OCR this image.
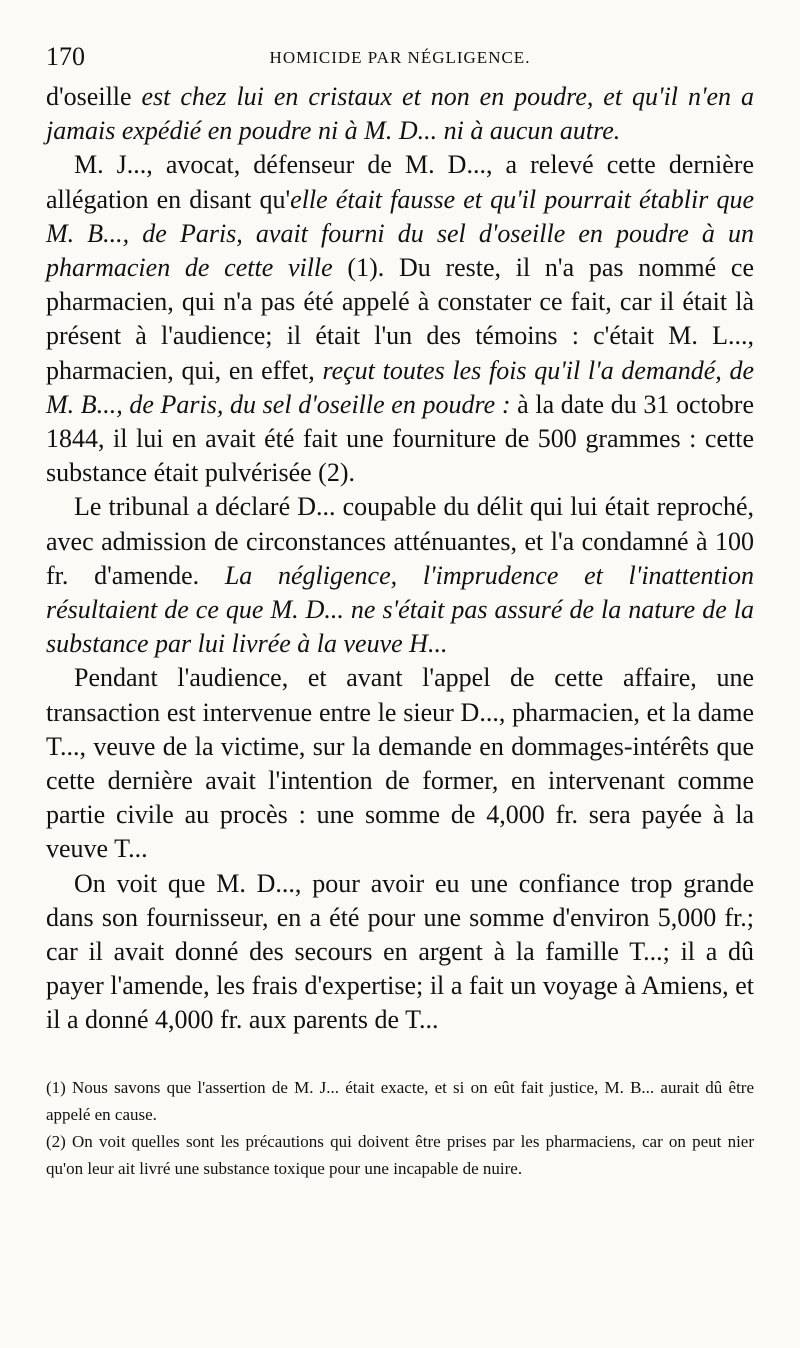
170	HOMICIDE PAR NÉGLIGENCE.

d'oseille est chez lui en cristaux et non en poudre, et qu'il n'en a jamais expédié en poudre ni à M. D... ni à aucun autre.

M. J..., avocat, défenseur de M. D..., a relevé cette dernière allégation en disant qu'elle était fausse et qu'il pourrait établir que M. B..., de Paris, avait fourni du sel d'oseille en poudre à un pharmacien de cette ville (1). Du reste, il n'a pas nommé ce pharmacien, qui n'a pas été appelé à constater ce fait, car il était là présent à l'audience; il était l'un des témoins : c'était M. L..., pharmacien, qui, en effet, reçut toutes les fois qu'il l'a demandé, de M. B..., de Paris, du sel d'oseille en poudre : à la date du 31 octobre 1844, il lui en avait été fait une fourniture de 500 grammes : cette substance était pulvérisée (2).

Le tribunal a déclaré D... coupable du délit qui lui était reproché, avec admission de circonstances atténuantes, et l'a condamné à 100 fr. d'amende. La négligence, l'imprudence et l'inattention résultaient de ce que M. D... ne s'était pas assuré de la nature de la substance par lui livrée à la veuve H...

Pendant l'audience, et avant l'appel de cette affaire, une transaction est intervenue entre le sieur D..., pharmacien, et la dame T..., veuve de la victime, sur la demande en dommages-intérêts que cette dernière avait l'intention de former, en intervenant comme partie civile au procès : une somme de 4,000 fr. sera payée à la veuve T...

On voit que M. D..., pour avoir eu une confiance trop grande dans son fournisseur, en a été pour une somme d'environ 5,000 fr.; car il avait donné des secours en argent à la famille T...; il a dû payer l'amende, les frais d'expertise; il a fait un voyage à Amiens, et il a donné 4,000 fr. aux parents de T...

(1) Nous savons que l'assertion de M. J... était exacte, et si on eût fait justice, M. B... aurait dû être appelé en cause.

(2) On voit quelles sont les précautions qui doivent être prises par les pharmaciens, car on peut nier qu'on leur ait livré une substance toxique pour une incapable de nuire.
